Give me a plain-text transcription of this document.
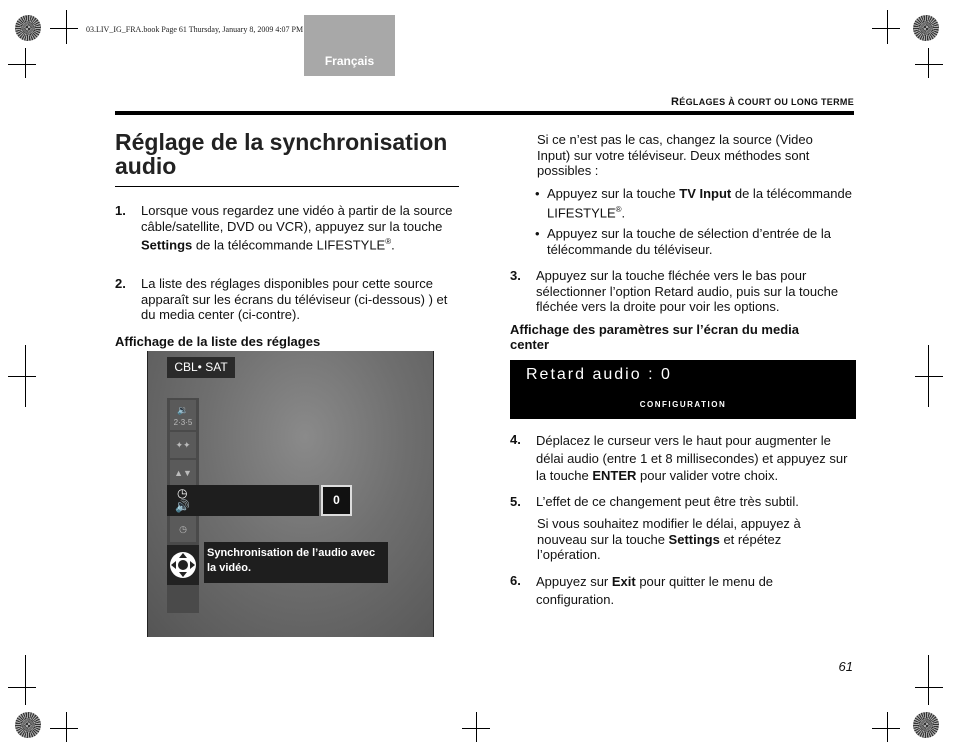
03.LIV_IG_FRA.book Page 61 Thursday, January 8, 2009 4:07 PM
Français
RÉGLAGES À COURT OU LONG TERME
Réglage de la synchronisation audio
1. Lorsque vous regardez une vidéo à partir de la source câble/satellite, DVD ou VCR), appuyez sur la touche Settings de la télécommande LIFESTYLE®.
2. La liste des réglages disponibles pour cette source apparaît sur les écrans du téléviseur (ci-dessous) ) et du media center (ci-contre).
Affichage de la liste des réglages
CBL• SAT
🔉
2·3·5
✦✦
▲▼
◷
◷
🔊	0
Synchronisation de l’audio avec la vidéo.
Si ce n’est pas le cas, changez la source (Video Input) sur votre téléviseur. Deux méthodes sont possibles :
• Appuyez sur la touche TV Input de la télécommande LIFESTYLE®.
• Appuyez sur la touche de sélection d’entrée de la télécommande du téléviseur.
3. Appuyez sur la touche fléchée vers le bas pour sélectionner l’option Retard audio, puis sur la touche fléchée vers la droite pour voir les options.
Affichage des paramètres sur l’écran du media center
Retard audio : 0
CONFIGURATION
4. Déplacez le curseur vers le haut pour augmenter le délai audio (entre 1 et 8 millisecondes) et appuyez sur la touche ENTER pour valider votre choix.
5. L’effet de ce changement peut être très subtil.
Si vous souhaitez modifier le délai, appuyez à nouveau sur la touche Settings et répétez l’opération.
6. Appuyez sur Exit pour quitter le menu de configuration.
61
